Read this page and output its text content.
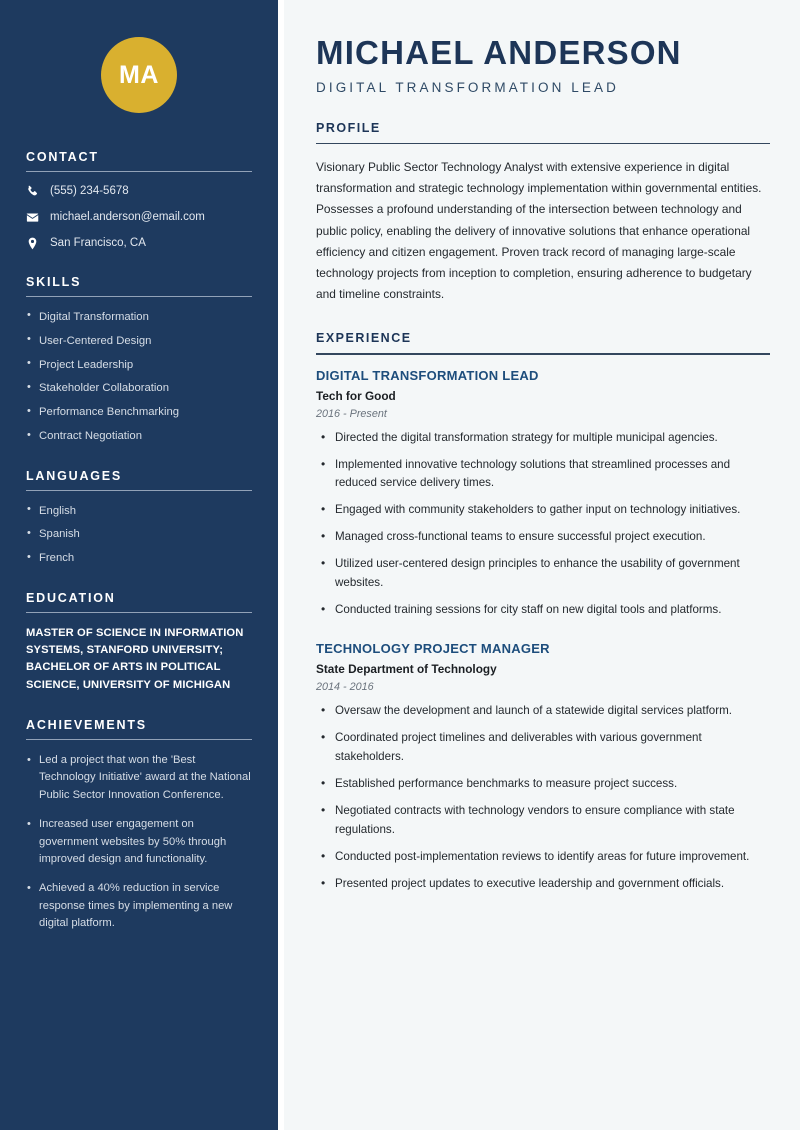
MA
CONTACT
(555) 234-5678
michael.anderson@email.com
San Francisco, CA
SKILLS
• Digital Transformation
• User-Centered Design
• Project Leadership
• Stakeholder Collaboration
• Performance Benchmarking
• Contract Negotiation
LANGUAGES
• English
• Spanish
• French
EDUCATION
MASTER OF SCIENCE IN INFORMATION SYSTEMS, STANFORD UNIVERSITY; BACHELOR OF ARTS IN POLITICAL SCIENCE, UNIVERSITY OF MICHIGAN
ACHIEVEMENTS
• Led a project that won the 'Best Technology Initiative' award at the National Public Sector Innovation Conference.
• Increased user engagement on government websites by 50% through improved design and functionality.
• Achieved a 40% reduction in service response times by implementing a new digital platform.
MICHAEL ANDERSON
DIGITAL TRANSFORMATION LEAD
PROFILE

Visionary Public Sector Technology Analyst with extensive experience in digital transformation and strategic technology implementation within governmental entities. Possesses a profound understanding of the intersection between technology and public policy, enabling the delivery of innovative solutions that enhance operational efficiency and citizen engagement. Proven track record of managing large-scale technology projects from inception to completion, ensuring adherence to budgetary and timeline constraints.

EXPERIENCE
DIGITAL TRANSFORMATION LEAD
Tech for Good
2016 - Present
• Directed the digital transformation strategy for multiple municipal agencies.
• Implemented innovative technology solutions that streamlined processes and reduced service delivery times.
• Engaged with community stakeholders to gather input on technology initiatives.
• Managed cross-functional teams to ensure successful project execution.
• Utilized user-centered design principles to enhance the usability of government websites.
• Conducted training sessions for city staff on new digital tools and platforms.
TECHNOLOGY PROJECT MANAGER
State Department of Technology
2014 - 2016
• Oversaw the development and launch of a statewide digital services platform.
• Coordinated project timelines and deliverables with various government stakeholders.
• Established performance benchmarks to measure project success.
• Negotiated contracts with technology vendors to ensure compliance with state regulations.
• Conducted post-implementation reviews to identify areas for future improvement.
• Presented project updates to executive leadership and government officials.
